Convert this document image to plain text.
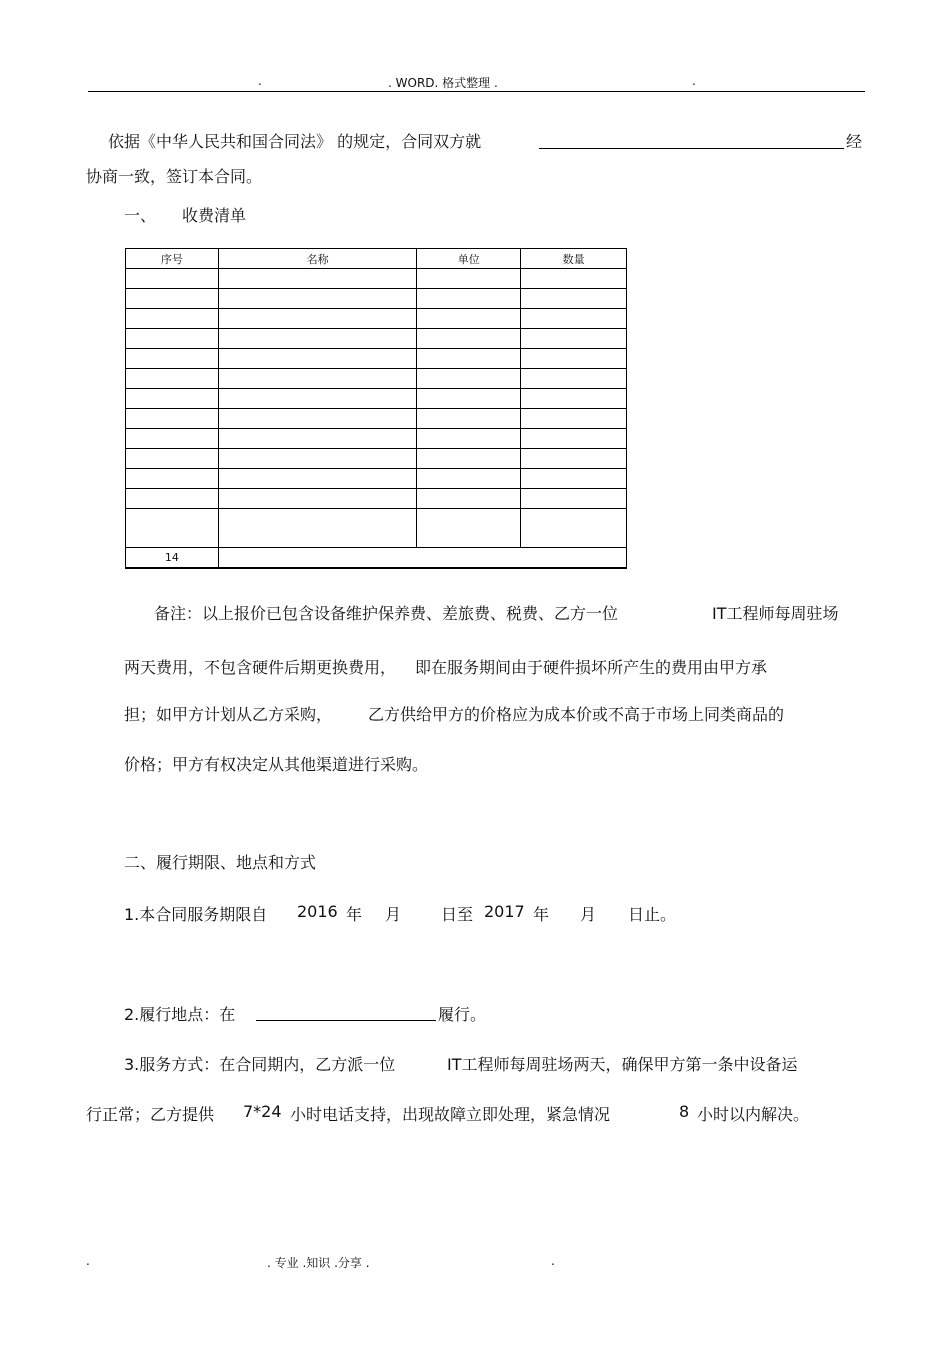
.	. WORD. 格式整理 .	.
依据《中华人民共和国合同法》 的规定，合同双方就	经
协商一致，签订本合同。
一、 收费清单
序号	名称	单位	数量

14			
备注：以上报价已包含设备维护保养费、差旅费、税费、乙方一位	IT工程师每周驻场
两天费用，不包含硬件后期更换费用， 即在服务期间由于硬件损坏所产生的费用由甲方承
担；如甲方计划从乙方采购， 乙方供给甲方的价格应为成本价或不高于市场上同类商品的
价格；甲方有权决定从其他渠道进行采购。
二、履行期限、地点和方式
1.本合同服务期限自 2016 年 月 日至 2017 年 月 日止。
2.履行地点：在	履行。
3.服务方式：在合同期内，乙方派一位	IT工程师每周驻场两天，确保甲方第一条中设备运
行正常；乙方提供 7*24 小时电话支持，出现故障立即处理，紧急情况	8 小时以内解决。
.	. 专业 .知识 .分享 .	.
